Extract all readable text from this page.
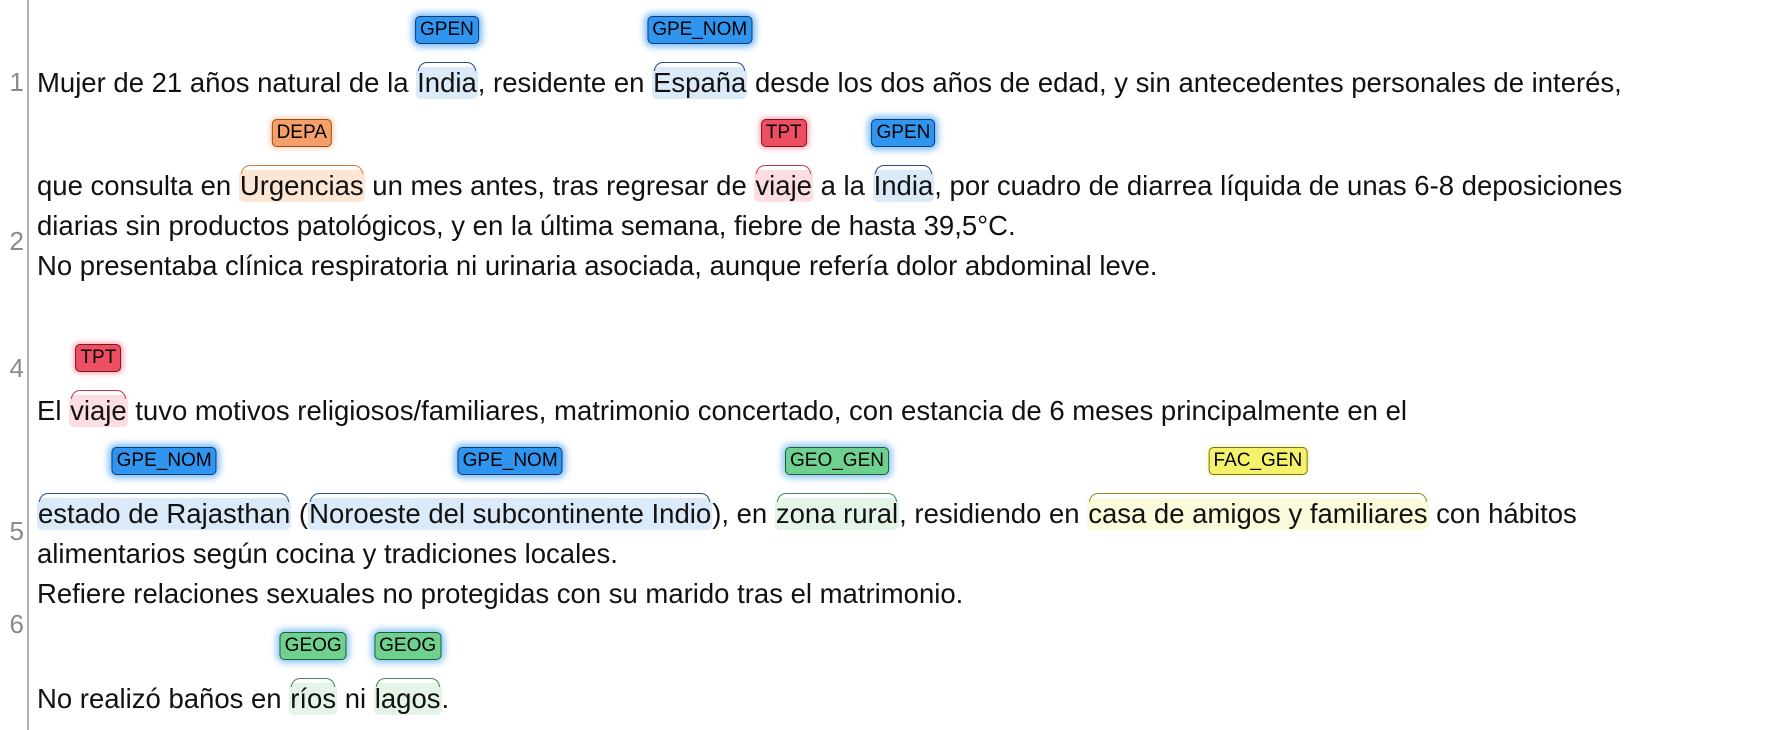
1
2
4
5
6
Mujer de 21 años natural de la India
GPEN
, residente en España
GPE_NOM
desde los dos años de edad, y sin antecedentes personales de interés,
que consulta en Urgencias
DEPA
un mes antes, tras regresar de viaje
TPT
a la India
GPEN
, por cuadro de diarrea líquida de unas 6-8 deposiciones
diarias sin productos patológicos, y en la última semana, fiebre de hasta 39,5°C.
No presentaba clínica respiratoria ni urinaria asociada, aunque refería dolor abdominal leve.
El viaje
TPT
tuvo motivos religiosos/familiares, matrimonio concertado, con estancia de 6 meses principalmente en el
estado de Rajasthan
GPE_NOM
(Noroeste del subcontinente Indio
GPE_NOM
), en zona rural
GEO_GEN
, residiendo en casa de amigos y familiares
FAC_GEN
con hábitos
alimentarios según cocina y tradiciones locales.
Refiere relaciones sexuales no protegidas con su marido tras el matrimonio.
No realizó baños en ríos
GEOG
ni lagos
GEOG
.
